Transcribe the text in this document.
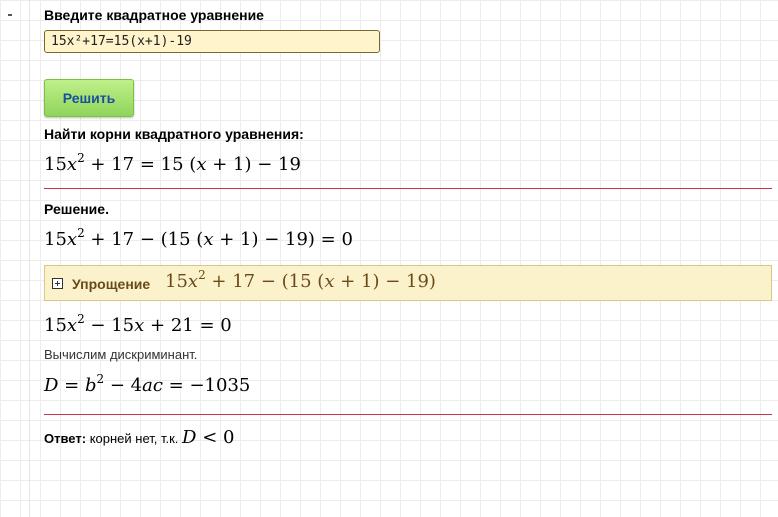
Введите квадратное уравнение
15x²+17=15(x+1)-19
Решить
Найти корни квадратного уравнения:
$15x^2 + 17 = 15$ (x + 1) − 19
Решение.
$15x^2 + 17 - (15$ (x + 1) − 19) = 0
Упрощение $15x^2 + 17 - (15$ (x + 1) − 19)
$15x^2 - 15x + 21 = 0$
Вычислим дискриминант.
$D = b^2 - 4ac = -1035$
Ответ: корней нет, т.к. D < 0
